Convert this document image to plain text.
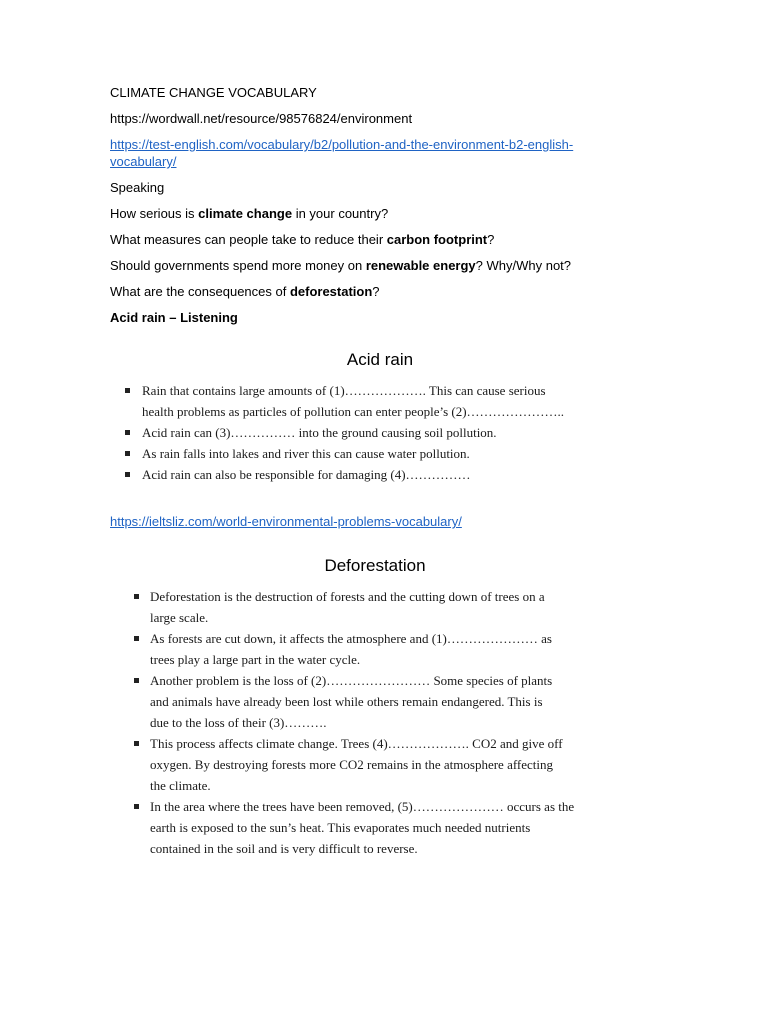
CLIMATE CHANGE VOCABULARY

https://wordwall.net/resource/98576824/environment

https://test-english.com/vocabulary/b2/pollution-and-the-environment-b2-english-
vocabulary/

Speaking

How serious is climate change in your country?

What measures can people take to reduce their carbon footprint?

Should governments spend more money on renewable energy? Why/Why not?

What are the consequences of deforestation?

Acid rain – Listening

Acid rain
Rain that contains large amounts of (1)………………. This can cause serious
health problems as particles of pollution can enter people’s (2)…………………..
Acid rain can (3)…………… into the ground causing soil pollution.
As rain falls into lakes and river this can cause water pollution.
Acid rain can also be responsible for damaging (4)……………

https://ieltsliz.com/world-environmental-problems-vocabulary/

Deforestation
Deforestation is the destruction of forests and the cutting down of trees on a
large scale.
As forests are cut down, it affects the atmosphere and (1)………………… as
trees play a large part in the water cycle.
Another problem is the loss of (2)…………………… Some species of plants
and animals have already been lost while others remain endangered. This is
due to the loss of their (3)……….
This process affects climate change. Trees (4)………………. CO2 and give off
oxygen. By destroying forests more CO2 remains in the atmosphere affecting
the climate.
In the area where the trees have been removed, (5)………………… occurs as the
earth is exposed to the sun’s heat. This evaporates much needed nutrients
contained in the soil and is very difficult to reverse.
